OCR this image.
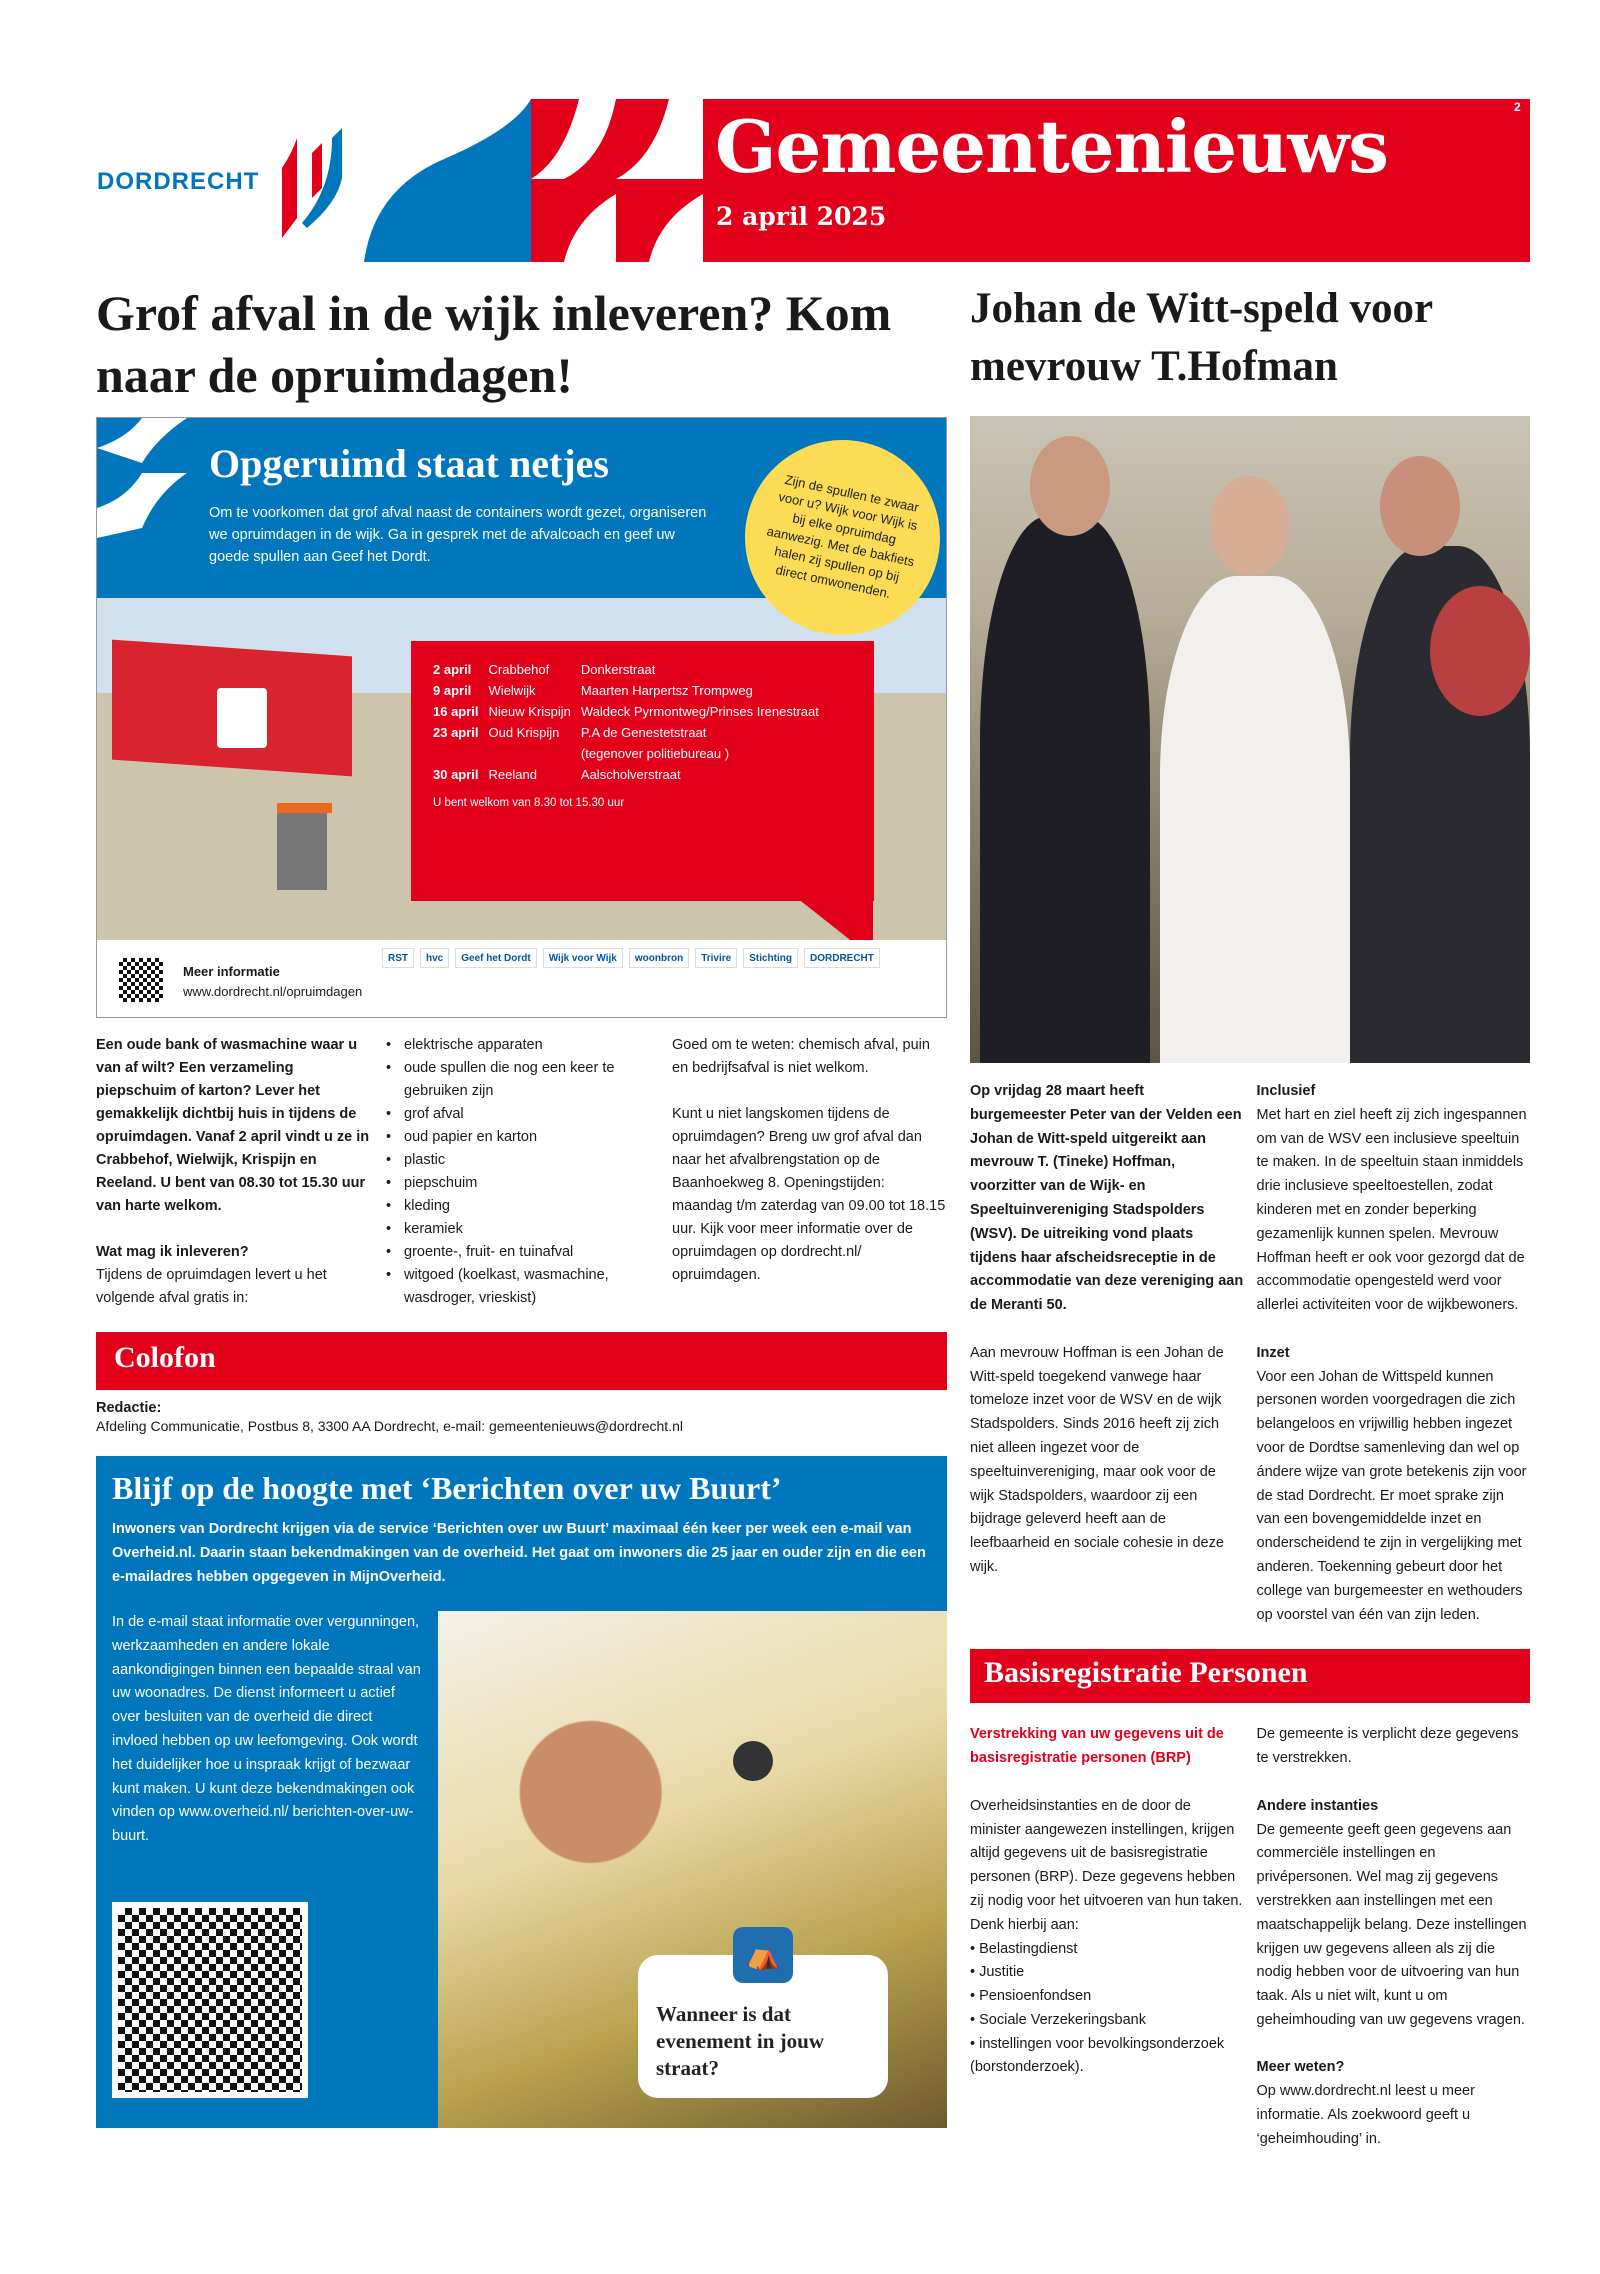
DORDRECHT	Gemeentenieuws
2 april 2025
2
Grof afval in de wijk inleveren? Kom naar de opruimdagen!
Opgeruimd staat netjes
Om te voorkomen dat grof afval naast de containers wordt gezet, organiseren we opruimdagen in de wijk. Ga in gesprek met de afvalcoach en geef uw goede spullen aan Geef het Dordt.
Zijn de spullen te zwaar voor u? Wijk voor Wijk is bij elke opruimdag aanwezig. Met de bakfiets halen zij spullen op bij direct omwonenden.
2 april	Crabbehof	Donkerstraat
9 april	Wielwijk	Maarten Harpertsz Trompweg
16 april	Nieuw Krispijn	Waldeck Pyrmontweg/Prinses Irenestraat
23 april	Oud Krispijn	P.A de Genestetstraat
		(tegenover politiebureau )
30 april	Reeland	Aalscholverstraat
U bent welkom van 8.30 tot 15.30 uur
Meer informatie
www.dordrecht.nl/opruimdagen
RST	hvc	Geef het Dordt	Wijk voor Wijk	woonbron	Trivire	Stichting	DORDRECHT

Een oude bank of wasmachine waar u van af wilt? Een verzameling piepschuim of karton? Lever het gemakkelijk dichtbij huis in tijdens de opruimdagen. Vanaf 2 april vindt u ze in Crabbehof, Wielwijk, Krispijn en Reeland. U bent van 08.30 tot 15.30 uur van harte welkom.

Wat mag ik inleveren?
Tijdens de opruimdagen levert u het volgende afval gratis in:
• elektrische apparaten
• oude spullen die nog een keer te gebruiken zijn
• grof afval
• oud papier en karton
• plastic
• piepschuim
• kleding
• keramiek
• groente-, fruit- en tuinafval
• witgoed (koelkast, wasmachine, wasdroger, vrieskist)

Goed om te weten: chemisch afval, puin en bedrijfsafval is niet welkom.

Kunt u niet langskomen tijdens de opruimdagen? Breng uw grof afval dan naar het afvalbrengstation op de Baanhoekweg 8. Openingstijden: maandag t/m zaterdag van 09.00 tot 18.15 uur. Kijk voor meer informatie over de opruimdagen op dordrecht.nl/ opruimdagen.

Colofon
Redactie:
Afdeling Communicatie, Postbus 8, 3300 AA Dordrecht, e-mail: gemeentenieuws@dordrecht.nl
Blijf op de hoogte met ‘Berichten over uw Buurt’
Inwoners van Dordrecht krijgen via de service ‘Berichten over uw Buurt’ maximaal één keer per week een e-mail van Overheid.nl. Daarin staan bekendmakingen van de overheid. Het gaat om inwoners die 25 jaar en ouder zijn en die een e-mailadres hebben opgegeven in MijnOverheid.
In de e-mail staat informatie over vergunningen, werkzaamheden en andere lokale aankondigingen binnen een bepaalde straal van uw woonadres. De dienst informeert u actief over besluiten van de overheid die direct invloed hebben op uw leefomgeving. Ook wordt het duidelijker hoe u inspraak krijgt of bezwaar kunt maken. U kunt deze bekendmakingen ook vinden op www.overheid.nl/ berichten-over-uw-buurt.
Wanneer is dat evenement in jouw straat?
⛺
Johan de Witt-speld voor mevrouw T.Hofman

Op vrijdag 28 maart heeft burgemeester Peter van der Velden een Johan de Witt-speld uitgereikt aan mevrouw T. (Tineke) Hoffman, voorzitter van de Wijk- en Speeltuinvereniging Stadspolders (WSV). De uitreiking vond plaats tijdens haar afscheidsreceptie in de accommodatie van deze vereniging aan de Meranti 50.

Aan mevrouw Hoffman is een Johan de Witt-speld toegekend vanwege haar tomeloze inzet voor de WSV en de wijk Stadspolders. Sinds 2016 heeft zij zich niet alleen ingezet voor de speeltuinvereniging, maar ook voor de wijk Stadspolders, waardoor zij een bijdrage geleverd heeft aan de leefbaarheid en sociale cohesie in deze wijk.

Inclusief

Met hart en ziel heeft zij zich ingespannen om van de WSV een inclusieve speeltuin te maken. In de speeltuin staan inmiddels drie inclusieve speeltoestellen, zodat kinderen met en zonder beperking gezamenlijk kunnen spelen. Mevrouw Hoffman heeft er ook voor gezorgd dat de accommodatie opengesteld werd voor allerlei activiteiten voor de wijkbewoners.

Inzet
Voor een Johan de Wittspeld kunnen personen worden voorgedragen die zich belangeloos en vrijwillig hebben ingezet voor de Dordtse samenleving dan wel op ándere wijze van grote betekenis zijn voor de stad Dordrecht. Er moet sprake zijn van een bovengemiddelde inzet en onderscheidend te zijn in vergelijking met anderen. Toekenning gebeurt door het college van burgemeester en wethouders op voorstel van één van zijn leden.
Basisregistratie Personen

Verstrekking van uw gegevens uit de basisregistratie personen (BRP)

Overheidsinstanties en de door de minister aangewezen instellingen, krijgen altijd gegevens uit de basisregistratie personen (BRP). Deze gegevens hebben zij nodig voor het uitvoeren van hun taken.
Denk hierbij aan:
• Belastingdienst
• Justitie
• Pensioenfondsen
• Sociale Verzekeringsbank
• instellingen voor bevolkingsonderzoek (borstonderzoek).

De gemeente is verplicht deze gegevens te verstrekken.

Andere instanties

De gemeente geeft geen gegevens aan commerciële instellingen en privépersonen. Wel mag zij gegevens verstrekken aan instellingen met een maatschappelijk belang. Deze instellingen krijgen uw gegevens alleen als zij die nodig hebben voor de uitvoering van hun taak. Als u niet wilt, kunt u om geheimhouding van uw gegevens vragen.

Meer weten?
Op www.dordrecht.nl leest u meer informatie. Als zoekwoord geeft u ‘geheimhouding’ in.
